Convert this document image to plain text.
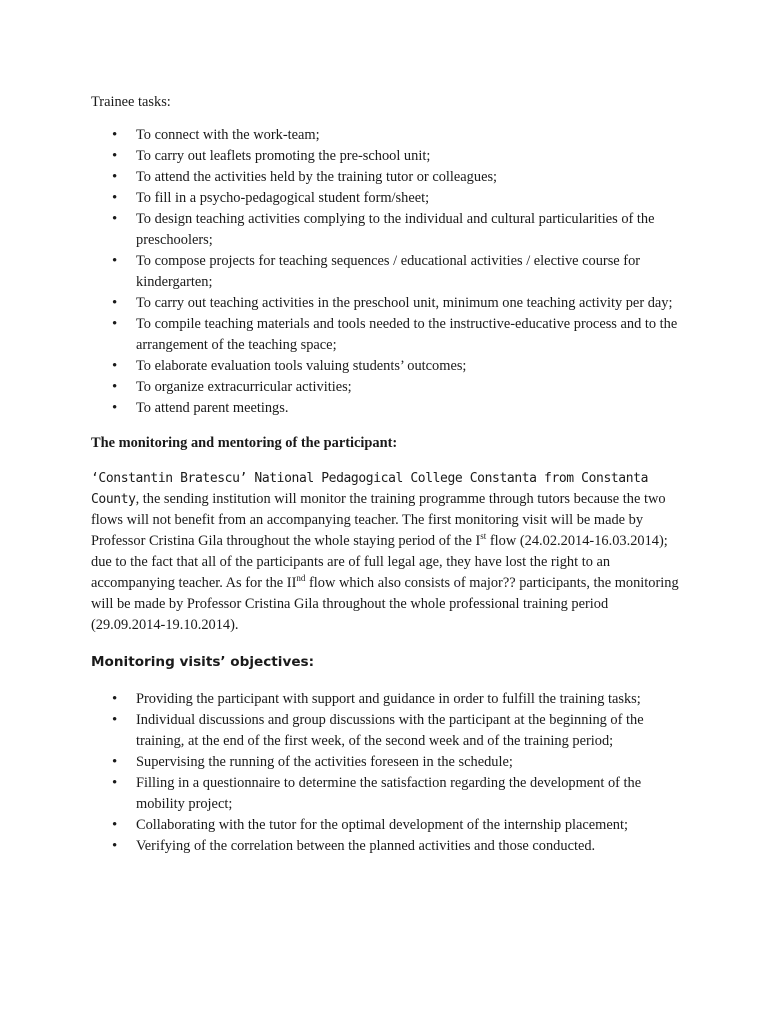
Trainee tasks:

• To connect with the work-team;
• To carry out leaflets promoting the pre-school unit;
• To attend the activities held by the training tutor or colleagues;
• To fill in a psycho-pedagogical student form/sheet;
• To design teaching activities complying to the individual and cultural particularities of the preschoolers;
• To compose projects for teaching sequences / educational activities / elective course for kindergarten;
• To carry out teaching activities in the preschool unit, minimum one teaching activity per day;
• To compile teaching materials and tools needed to the instructive-educative process and to the arrangement of the teaching space;
• To elaborate evaluation tools valuing students’ outcomes;
• To organize extracurricular activities;
• To attend parent meetings.

The monitoring and mentoring of the participant:

‘Constantin Bratescu’ National Pedagogical College Constanta from Constanta County, the sending institution will monitor the training programme through tutors because the two flows will not benefit from an accompanying teacher. The first monitoring visit will be made by Professor Cristina Gila throughout the whole staying period of the Ist flow (24.02.2014-16.03.2014); due to the fact that all of the participants are of full legal age, they have lost the right to an accompanying teacher. As for the IInd flow which also consists of major?? participants, the monitoring will be made by Professor Cristina Gila throughout the whole professional training period (29.09.2014-19.10.2014).

Monitoring visits’ objectives:

• Providing the participant with support and guidance in order to fulfill the training tasks;
• Individual discussions and group discussions with the participant at the beginning of the training, at the end of the first week, of the second week and of the training period;
• Supervising the running of the activities foreseen in the schedule;
• Filling in a questionnaire to determine the satisfaction regarding the development of the mobility project;
• Collaborating with the tutor for the optimal development of the internship placement;
• Verifying of the correlation between the planned activities and those conducted.
